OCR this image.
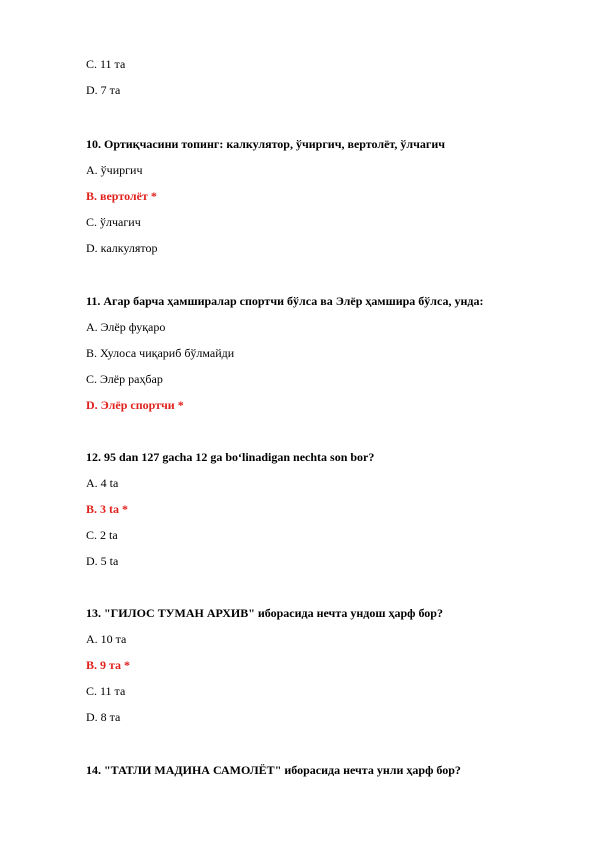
C. 11 та
D. 7 та
10. Ортиқчасини топинг: калкулятор, ўчиргич, вертолёт, ўлчагич
A. ўчиргич
B. вертолёт *
C. ўлчагич
D. калкулятор
11. Агар барча ҳамширалар спортчи бўлса ва Элёр ҳамшира бўлса, унда:
A. Элёр фуқаро
B. Хулоса чиқариб бўлмайди
C. Элёр раҳбар
D. Элёр спортчи *
12. 95 dan 127 gacha 12 ga bo‘linadigan nechta son bor?
A. 4 ta
B. 3 ta *
C. 2 ta
D. 5 ta
13. "ГИЛОС ТУМАН АРХИВ" иборасида нечта ундош ҳарф бор?
A. 10 та
B. 9 та *
C. 11 та
D. 8 та
14. "ТАТЛИ МАДИНА САМОЛЁТ" иборасида нечта унли ҳарф бор?
